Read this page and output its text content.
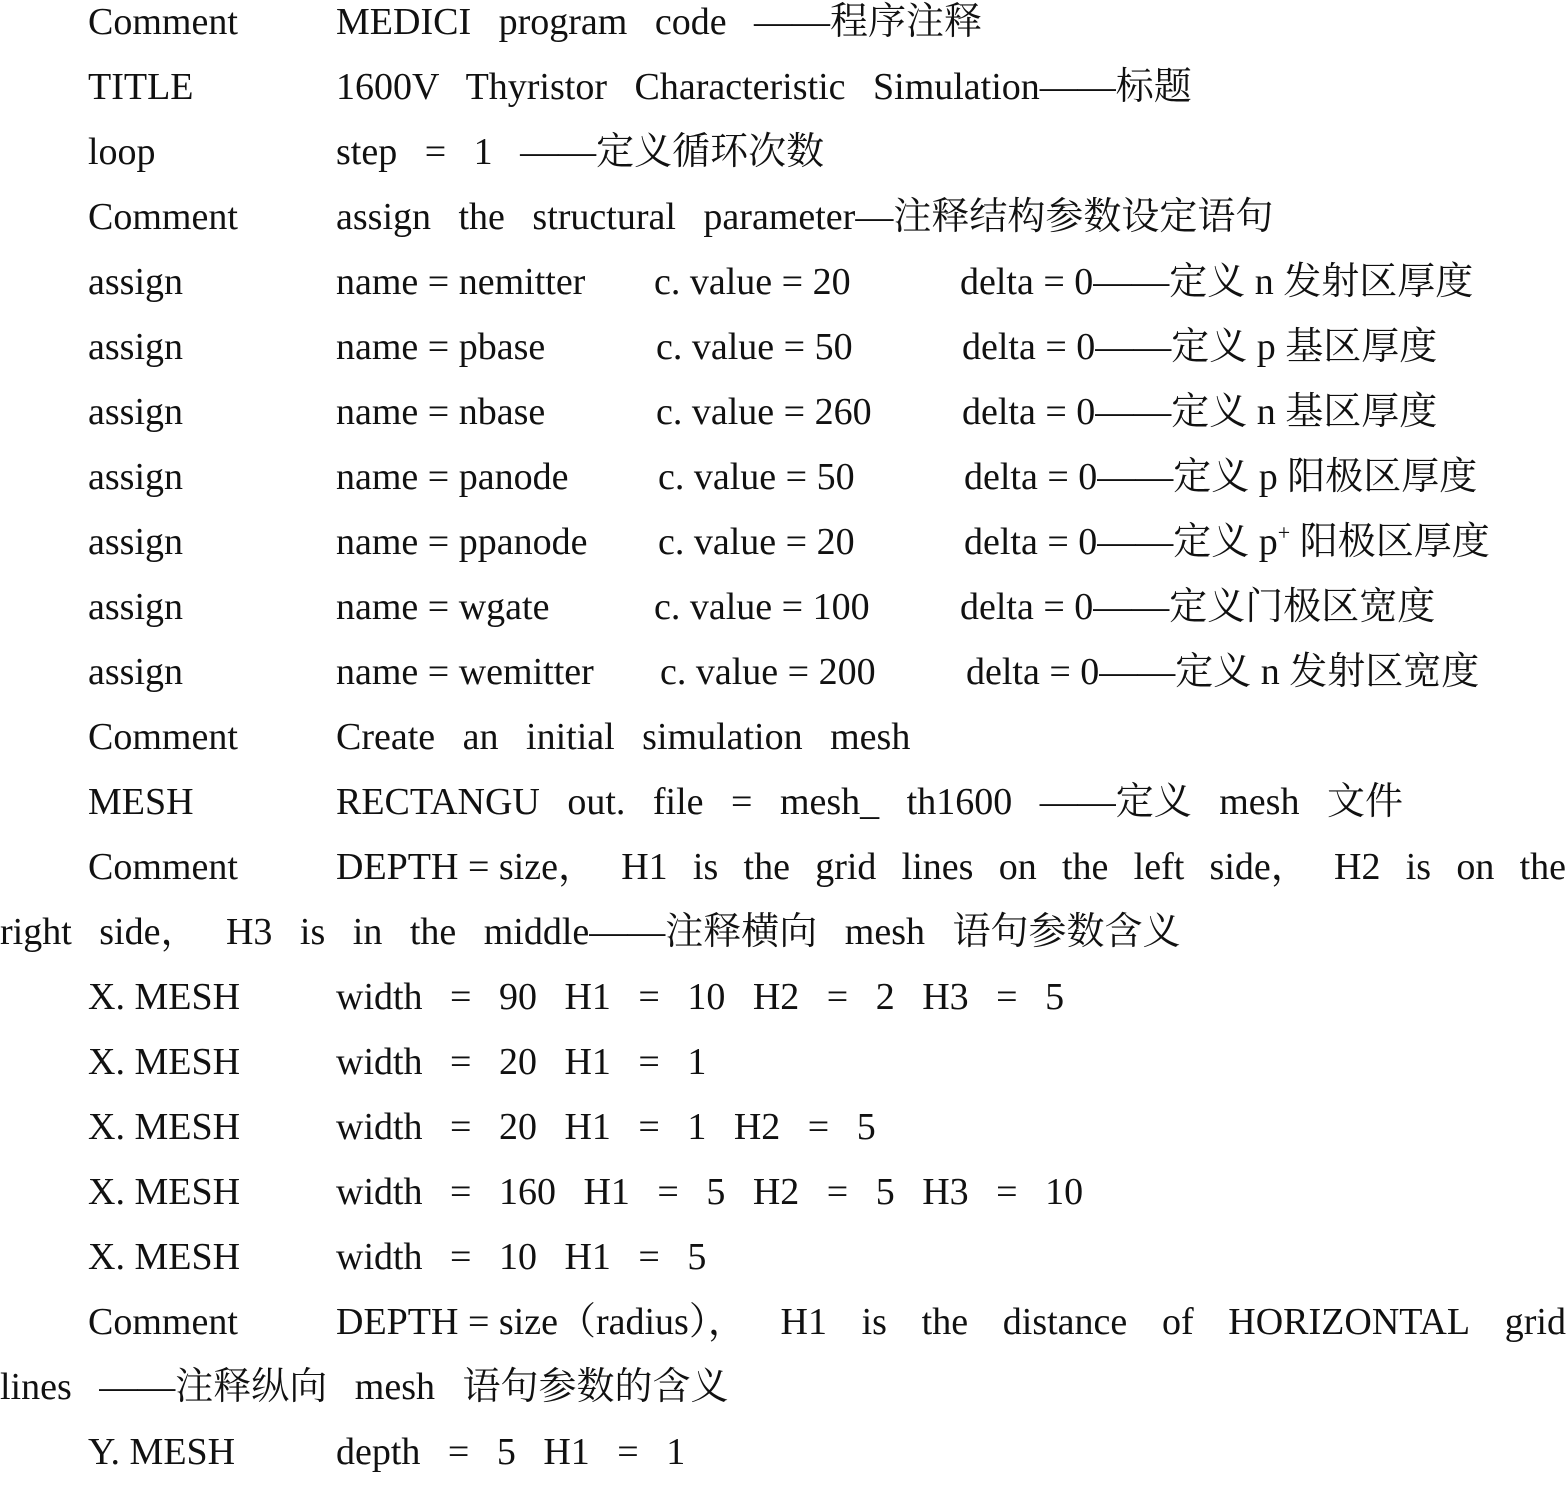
Comment	MEDICI program code ——程序注释
TITLE	1600V Thyristor Characteristic Simulation——标题
loop	step = 1 ——定义循环次数
Comment	assign the structural parameter—注释结构参数设定语句
assign	name = nemitter c. value = 20	delta = 0——定义 n 发射区厚度
assign	name = pbase	c. value = 50	delta = 0——定义 p 基区厚度
assign	name = nbase	c. value = 260 delta = 0——定义 n 基区厚度
assign	name = panode c. value = 50	delta = 0——定义 p 阳极区厚度
assign	name = ppanode c. value = 20	delta = 0——定义 p+ 阳极区厚度
assign	name = wgate	c. value = 100 delta = 0——定义门极区宽度
assign	name = wemitter c. value = 200 delta = 0——定义 n 发射区宽度
Comment	Create an initial simulation mesh
MESH	RECTANGU out. file = mesh_ th1600 ——定义 mesh 文件
Comment	DEPTH = size， H1 is the grid lines on the left side， H2 is on the
right side， H3 is in the middle——注释横向 mesh 语句参数含义
X. MESH	width = 90 H1 = 10 H2 = 2 H3 = 5
X. MESH	width = 20 H1 = 1
X. MESH	width = 20 H1 = 1 H2 = 5
X. MESH	width = 160 H1 = 5 H2 = 5 H3 = 10
X. MESH	width = 10 H1 = 5
Comment	DEPTH = size（radius）， H1 is the distance of HORIZONTAL grid
lines ——注释纵向 mesh 语句参数的含义
Y. MESH	depth = 5 H1 = 1
